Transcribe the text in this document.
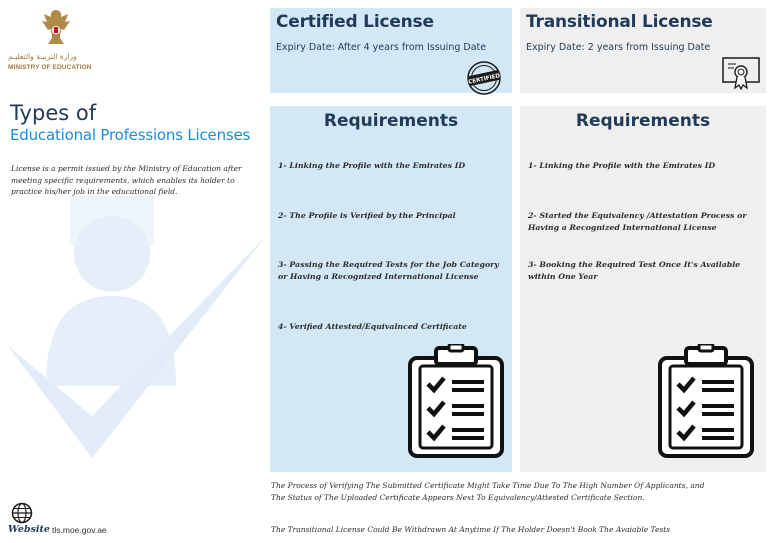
وزارة التربيـة والتعليـم
MINISTRY OF EDUCATION
Types of
Educational Professions Licenses
License is a permit issued by the Ministry of Education after meeting specific requirements, which enables its holder to practice his/her job in the educational field.
Certified License
Expiry Date: After 4 years from Issuing Date
CERTIFIED
Transitional License
Expiry Date: 2 years from Issuing Date
Requirements
1- Linking the Profile with the Emirates ID
2- The Profile is Verified by the Principal
3- Passing the Required Tests for the Job Category or Having a Recognized International License
4- Verified Attested/Equivalnced Certificate
Requirements
1- Linking the Profile with the Emirates ID
2- Started the Equivalency /Attestation Process or Having a Recognized International License
3- Booking the Required Test Once It's Available within One Year
The Process of Verifying The Submitted Certificate Might Take Time Due To The High Number Of Applicants, and The Status of The Uploaded Certificate Appears Next To Equivalency/Attested Certificate Section.
The Transitional License Could Be Withdrawn At Anytime If The Holder Doesn't Book The Avaiable Tests
Website tls.moe.gov.ae
